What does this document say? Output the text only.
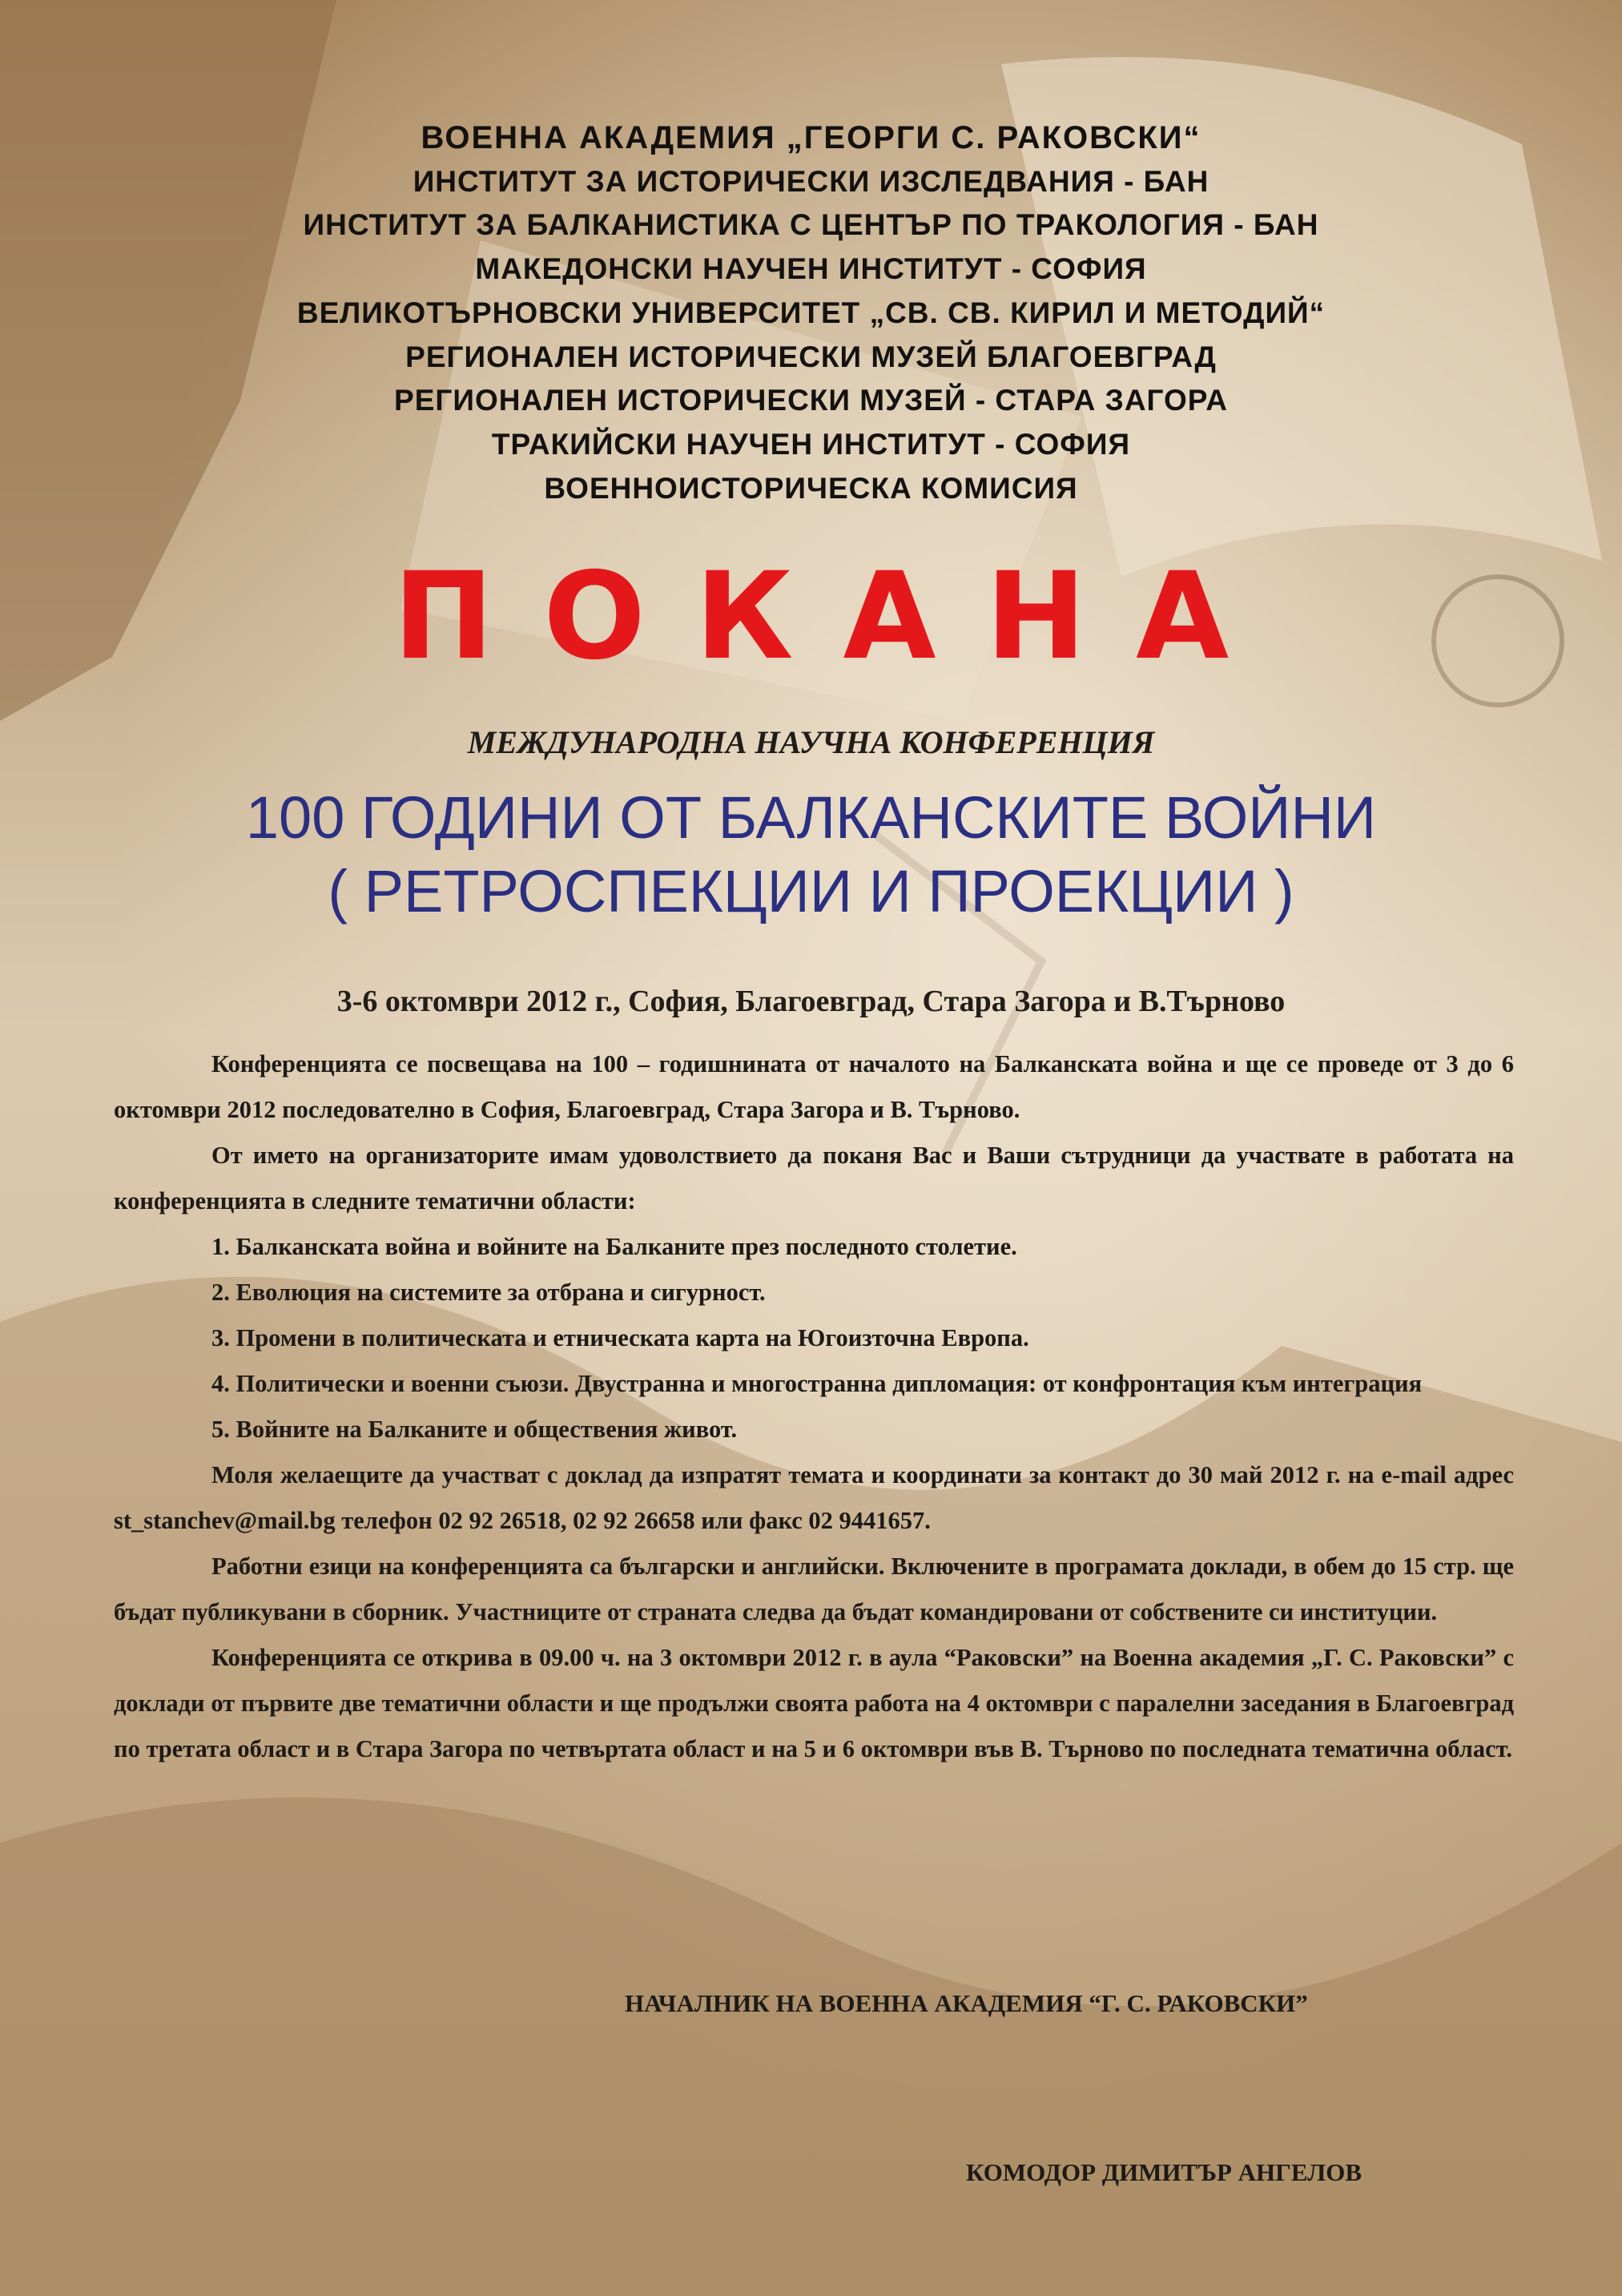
ВОЕННА АКАДЕМИЯ „ГЕОРГИ С. РАКОВСКИ“
ИНСТИТУТ ЗА ИСТОРИЧЕСКИ ИЗСЛЕДВАНИЯ - БАН
ИНСТИТУТ ЗА БАЛКАНИСТИКА С ЦЕНТЪР ПО ТРАКОЛОГИЯ - БАН
МАКЕДОНСКИ НАУЧЕН ИНСТИТУТ - СОФИЯ
ВЕЛИКОТЪРНОВСКИ УНИВЕРСИТЕТ „СВ. СВ. КИРИЛ И МЕТОДИЙ“
РЕГИОНАЛЕН ИСТОРИЧЕСКИ МУЗЕЙ БЛАГОЕВГРАД
РЕГИОНАЛЕН ИСТОРИЧЕСКИ МУЗЕЙ - СТАРА ЗАГОРА
ТРАКИЙСКИ НАУЧЕН ИНСТИТУТ - СОФИЯ
ВОЕННОИСТОРИЧЕСКА КОМИСИЯ
ПОКАНА
МЕЖДУНАРОДНА НАУЧНА КОНФЕРЕНЦИЯ
100 ГОДИНИ ОТ БАЛКАНСКИТЕ ВОЙНИ
( РЕТРОСПЕКЦИИ И ПРОЕКЦИИ )
3-6 октомври 2012 г., София, Благоевград, Стара Загора и В.Търново

Конференцията се посвещава на 100 – годишнината от началото на Балканската война и ще се проведе от 3 до 6 октомври 2012 последователно в София, Благоевград, Стара Загора и В. Търново.

От името на организаторите имам удоволствието да поканя Вас и Ваши сътрудници да участвате в работата на конференцията в следните тематични области:

1. Балканската война и войните на Балканите през последното столетие.

2. Еволюция на системите за отбрана и сигурност.

3. Промени в политическата и етническата карта на Югоизточна Европа.

4. Политически и военни съюзи. Двустранна и многостранна дипломация: от конфронтация към интеграция

5. Войните на Балканите и обществения живот.

Моля желаещите да участват с доклад да изпратят темата и координати за контакт до 30 май 2012 г. на e-mail адрес st_stanchev@mail.bg телефон 02 92 26518, 02 92 26658 или факс 02 9441657.

Работни езици на конференцията са български и английски. Включените в програмата доклади, в обем до 15 стр. ще бъдат публикувани в сборник. Участниците от страната следва да бъдат командировани от собствените си институции.

Конференцията се открива в 09.00 ч. на 3 октомври 2012 г. в аула “Раковски” на Военна академия „Г. С. Раковски” с доклади от първите две тематични области и ще продължи своята работа на 4 октомври с паралелни заседания в Благоевград по третата област и в Стара Загора по четвъртата област и на 5 и 6 октомври във В. Търново по последната тематична област.

НАЧАЛНИК НА ВОЕННА АКАДЕМИЯ “Г. С. РАКОВСКИ”
КОМОДОР ДИМИТЪР АНГЕЛОВ
